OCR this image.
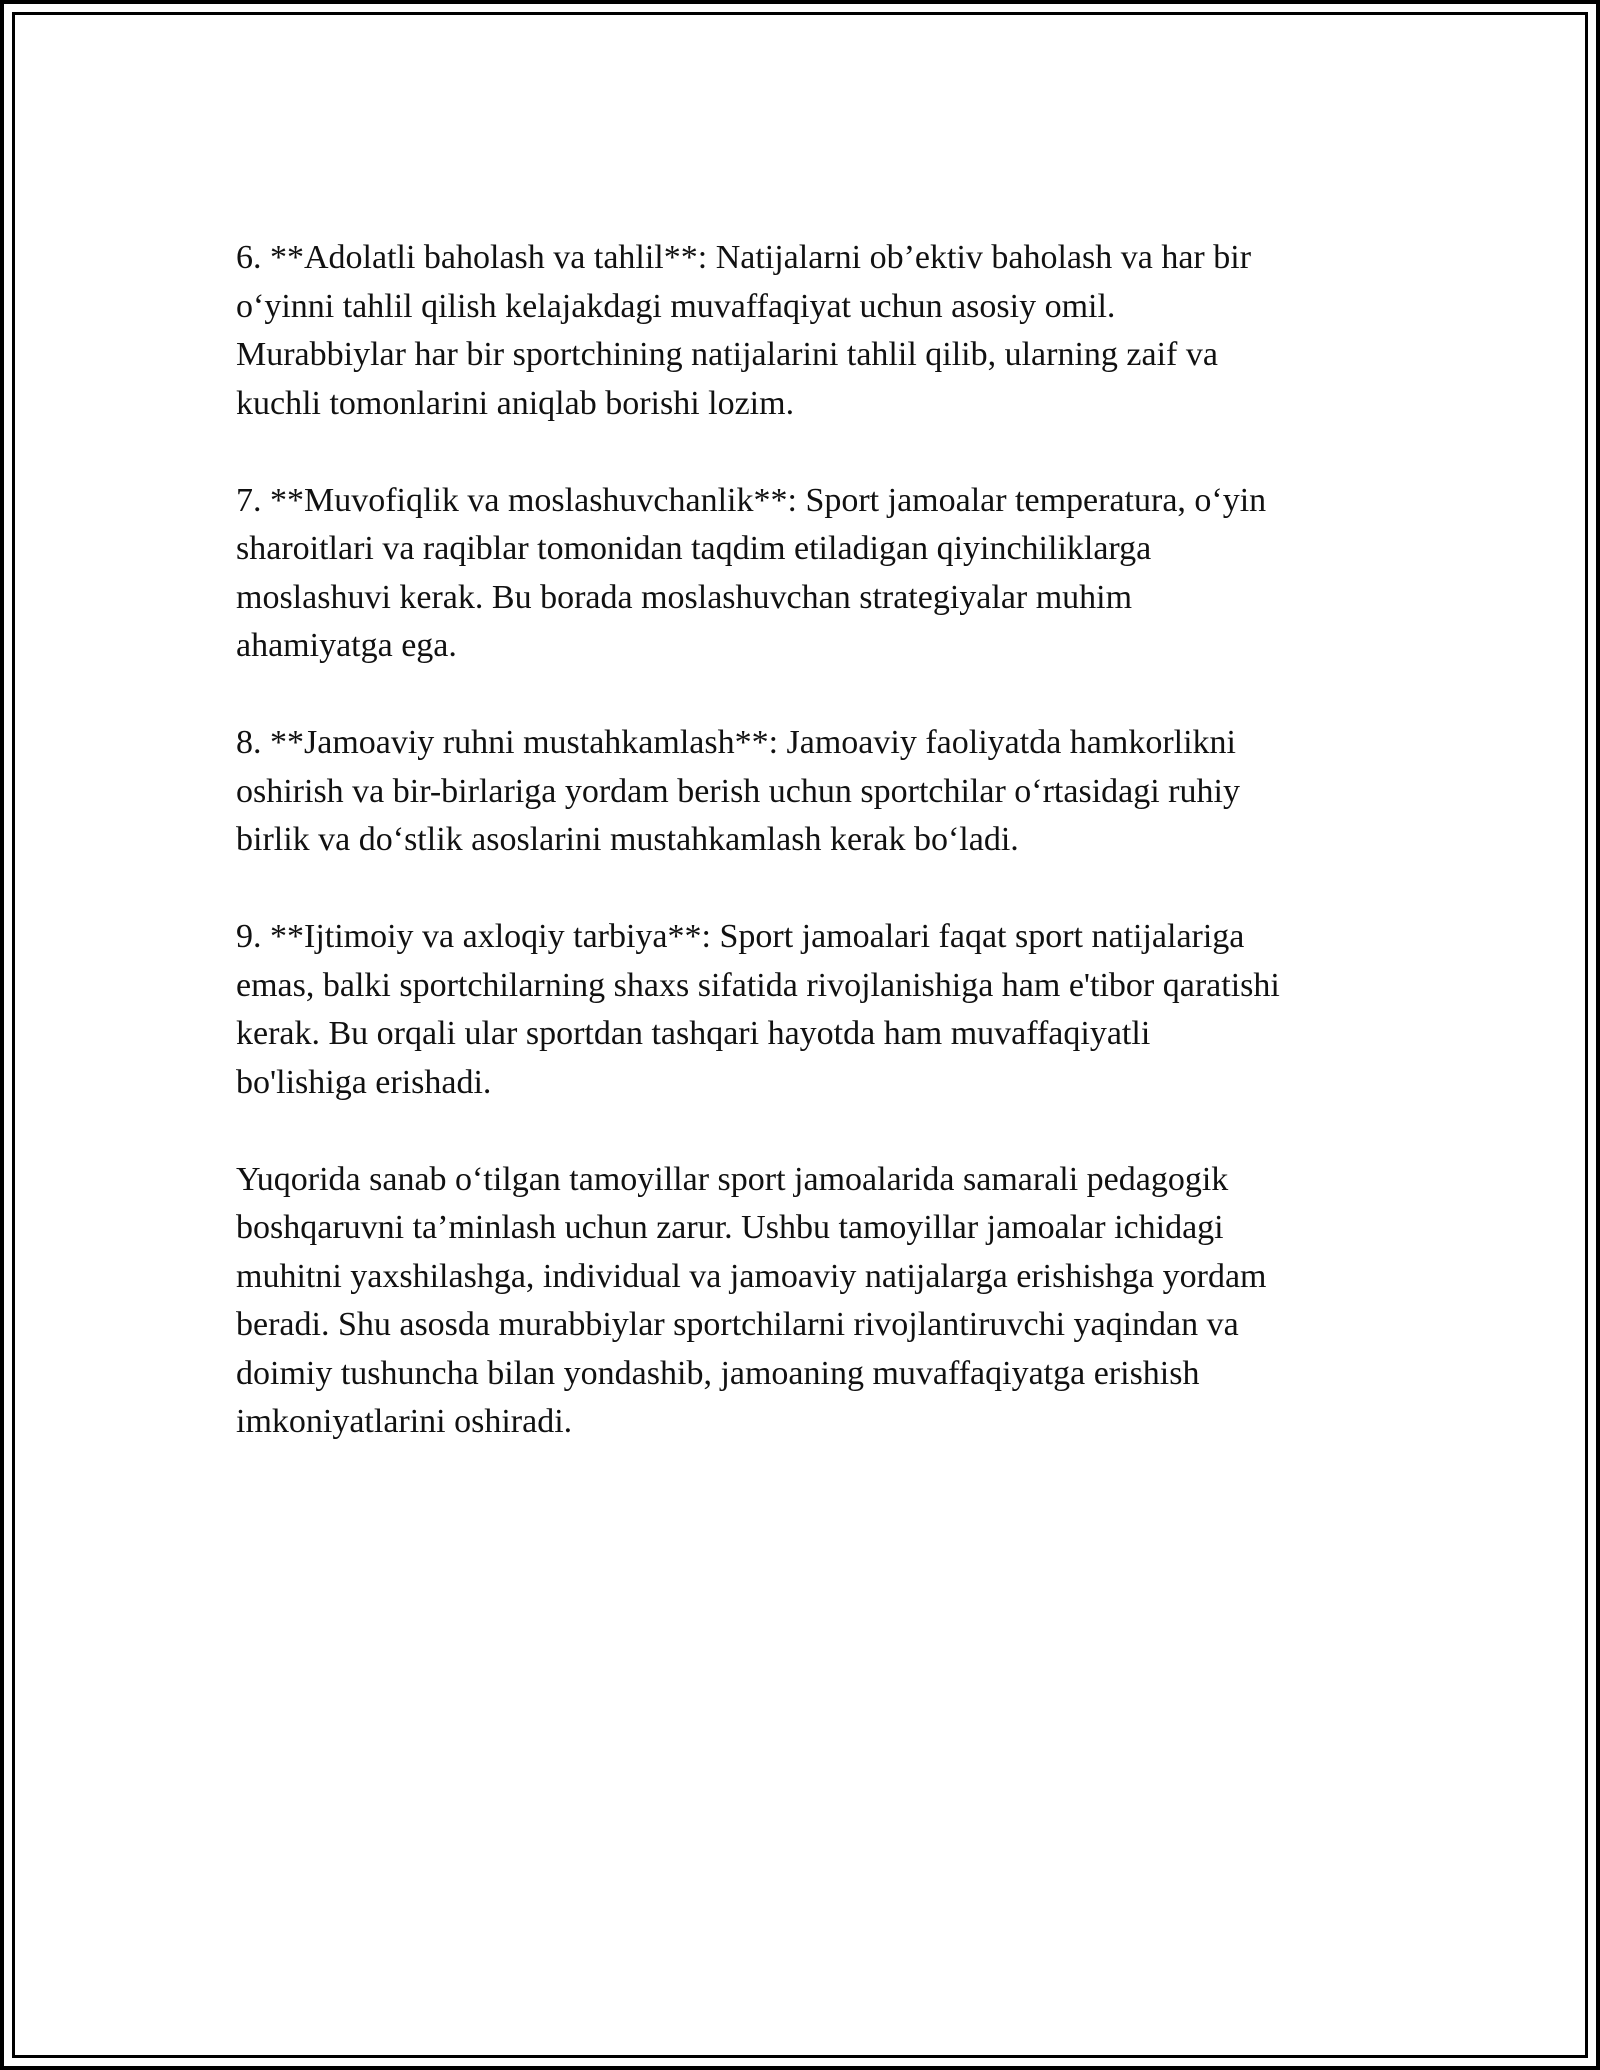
6. **Adolatli baholash va tahlil**: Natijalarni ob’ektiv baholash va har bir
o‘yinni tahlil qilish kelajakdagi muvaffaqiyat uchun asosiy omil.
Murabbiylar har bir sportchining natijalarini tahlil qilib, ularning zaif va
kuchli tomonlarini aniqlab borishi lozim.

7. **Muvofiqlik va moslashuvchanlik**: Sport jamoalar temperatura, o‘yin
sharoitlari va raqiblar tomonidan taqdim etiladigan qiyinchiliklarga
moslashuvi kerak. Bu borada moslashuvchan strategiyalar muhim
ahamiyatga ega.

8. **Jamoaviy ruhni mustahkamlash**: Jamoaviy faoliyatda hamkorlikni
oshirish va bir-birlariga yordam berish uchun sportchilar o‘rtasidagi ruhiy
birlik va do‘stlik asoslarini mustahkamlash kerak bo‘ladi.

9. **Ijtimoiy va axloqiy tarbiya**: Sport jamoalari faqat sport natijalariga
emas, balki sportchilarning shaxs sifatida rivojlanishiga ham e'tibor qaratishi
kerak. Bu orqali ular sportdan tashqari hayotda ham muvaffaqiyatli
bo'lishiga erishadi.

Yuqorida sanab o‘tilgan tamoyillar sport jamoalarida samarali pedagogik
boshqaruvni ta’minlash uchun zarur. Ushbu tamoyillar jamoalar ichidagi
muhitni yaxshilashga, individual va jamoaviy natijalarga erishishga yordam
beradi. Shu asosda murabbiylar sportchilarni rivojlantiruvchi yaqindan va
doimiy tushuncha bilan yondashib, jamoaning muvaffaqiyatga erishish
imkoniyatlarini oshiradi.
